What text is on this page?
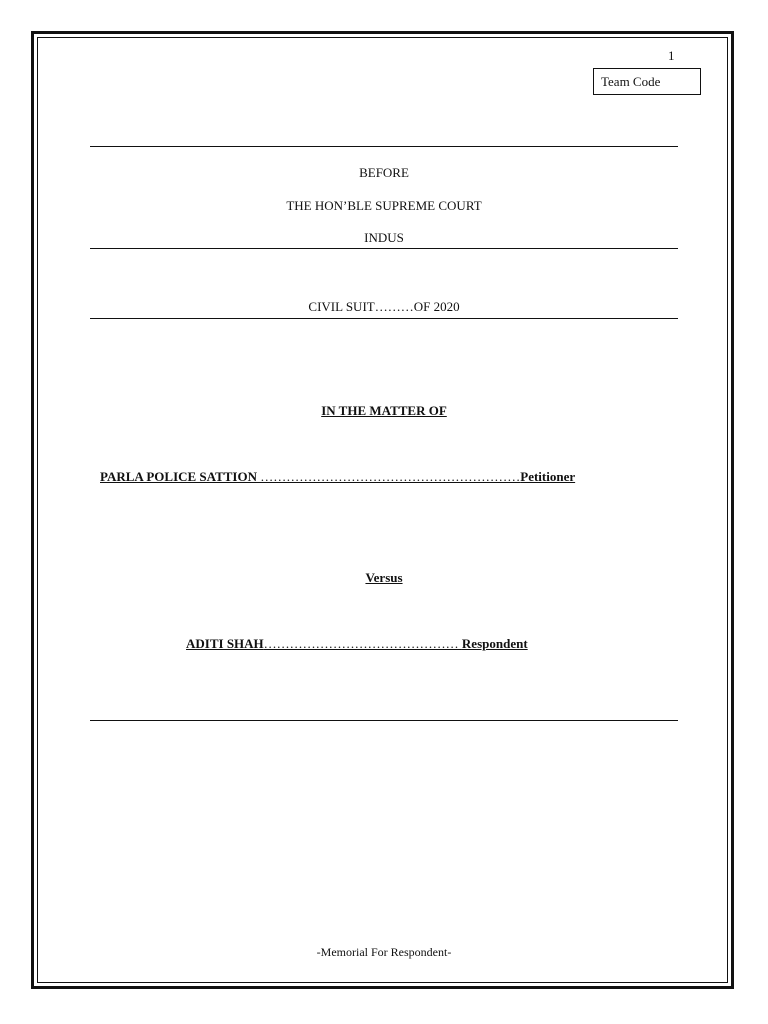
1
Team Code
BEFORE
THE HON’BLE SUPREME COURT
INDUS
CIVIL SUIT………OF 2020
IN THE MATTER OF
PARLA POLICE SATTION ……………………………………………………Petitioner
Versus
ADITI SHAH……………………………………… Respondent
-Memorial For Respondent-
